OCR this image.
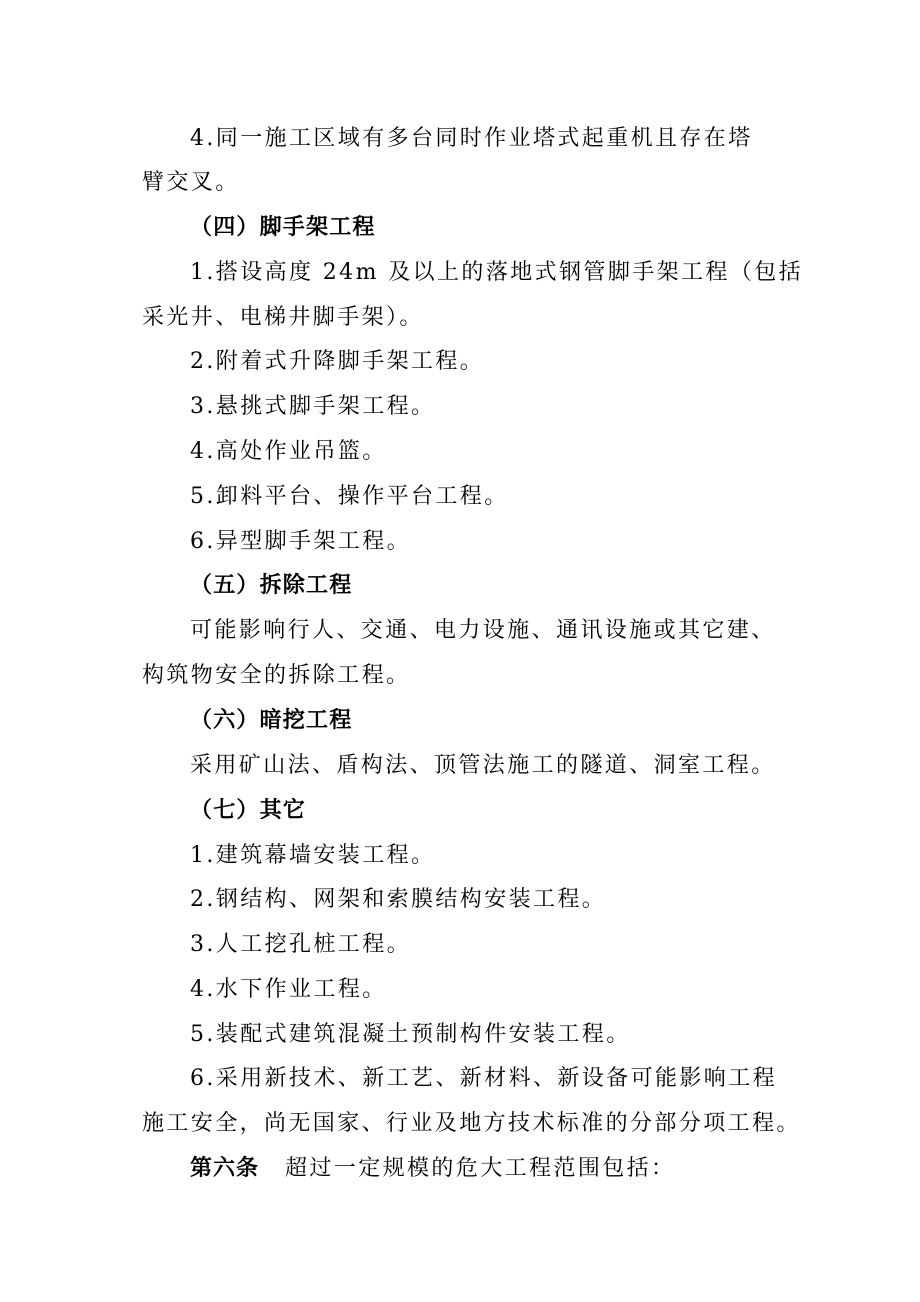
4.同一施工区域有多台同时作业塔式起重机且存在塔
臂交叉。
（四）脚手架工程
1.搭设高度 24m 及以上的落地式钢管脚手架工程（包括
采光井、电梯井脚手架）。
2.附着式升降脚手架工程。
3.悬挑式脚手架工程。
4.高处作业吊篮。
5.卸料平台、操作平台工程。
6.异型脚手架工程。
（五）拆除工程
可能影响行人、交通、电力设施、通讯设施或其它建、
构筑物安全的拆除工程。
（六）暗挖工程
采用矿山法、盾构法、顶管法施工的隧道、洞室工程。
（七）其它
1.建筑幕墙安装工程。
2.钢结构、网架和索膜结构安装工程。
3.人工挖孔桩工程。
4.水下作业工程。
5.装配式建筑混凝土预制构件安装工程。
6.采用新技术、新工艺、新材料、新设备可能影响工程
施工安全，尚无国家、行业及地方技术标准的分部分项工程。
第六条 超过一定规模的危大工程范围包括：
